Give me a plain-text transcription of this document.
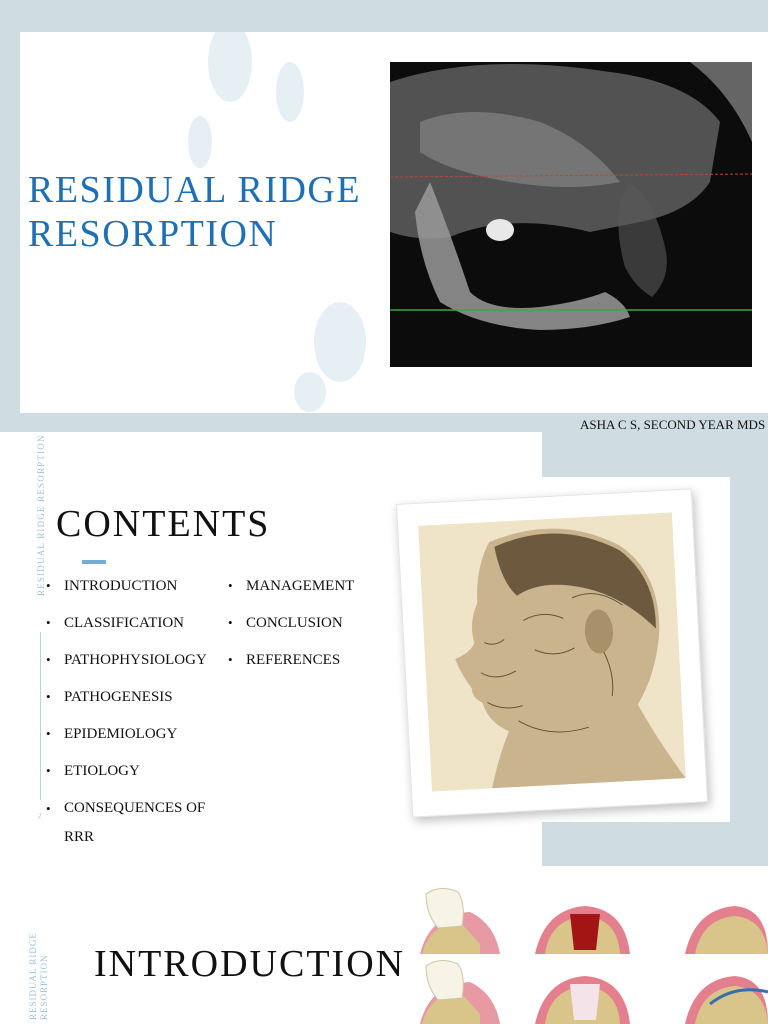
RESIDUAL RIDGE
RESORPTION
ASHA C S, SECOND YEAR MDS
RESIDUAL RIDGE RESORPTION
2
CONTENTS
• INTRODUCTION
• CLASSIFICATION
• PATHOPHYSIOLOGY
• PATHOGENESIS
• EPIDEMIOLOGY
• ETIOLOGY
• CONSEQUENCES OF RRR
• MANAGEMENT
• CONCLUSION
• REFERENCES
RESIDUAL RIDGE RESORPTION INTRODUCTION
